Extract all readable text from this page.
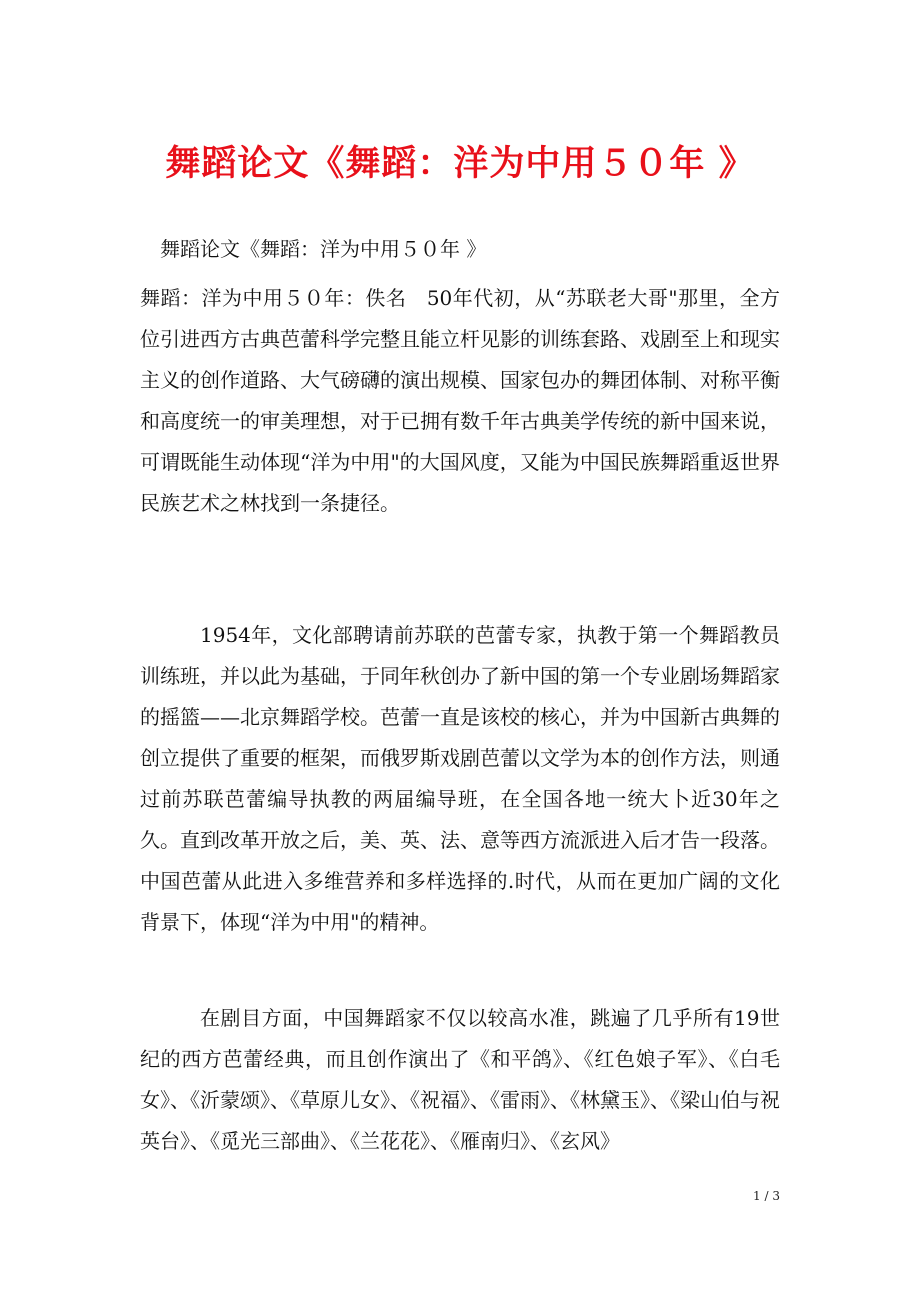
舞蹈论文《舞蹈：洋为中用５０年 》
舞蹈论文《舞蹈：洋为中用５０年 》
舞蹈：洋为中用５０年：佚名　50年代初，从“苏联老大哥"那里，全方位引进西方古典芭蕾科学完整且能立杆见影的训练套路、戏剧至上和现实主义的创作道路、大气磅礴的演出规模、国家包办的舞团体制、对称平衡和高度统一的审美理想，对于已拥有数千年古典美学传统的新中国来说，可谓既能生动体现“洋为中用"的大国风度，又能为中国民族舞蹈重返世界民族艺术之林找到一条捷径。
1954年，文化部聘请前苏联的芭蕾专家，执教于第一个舞蹈教员训练班，并以此为基础，于同年秋创办了新中国的第一个专业剧场舞蹈家的摇篮——北京舞蹈学校。芭蕾一直是该校的核心，并为中国新古典舞的创立提供了重要的框架，而俄罗斯戏剧芭蕾以文学为本的创作方法，则通过前苏联芭蕾编导执教的两届编导班，在全国各地一统大卜近30年之久。直到改革开放之后，美、英、法、意等西方流派进入后才告一段落。中国芭蕾从此进入多维营养和多样选择的.时代，从而在更加广阔的文化背景下，体现“洋为中用"的精神。
在剧目方面，中国舞蹈家不仅以较高水准，跳遍了几乎所有19世纪的西方芭蕾经典，而且创作演出了《和平鸽》、《红色娘子军》、《白毛女》、《沂蒙颂》、《草原儿女》、《祝福》、《雷雨》、《林黛玉》、《梁山伯与祝英台》、《觅光三部曲》、《兰花花》、《雁南归》、《玄风》
1 / 3
